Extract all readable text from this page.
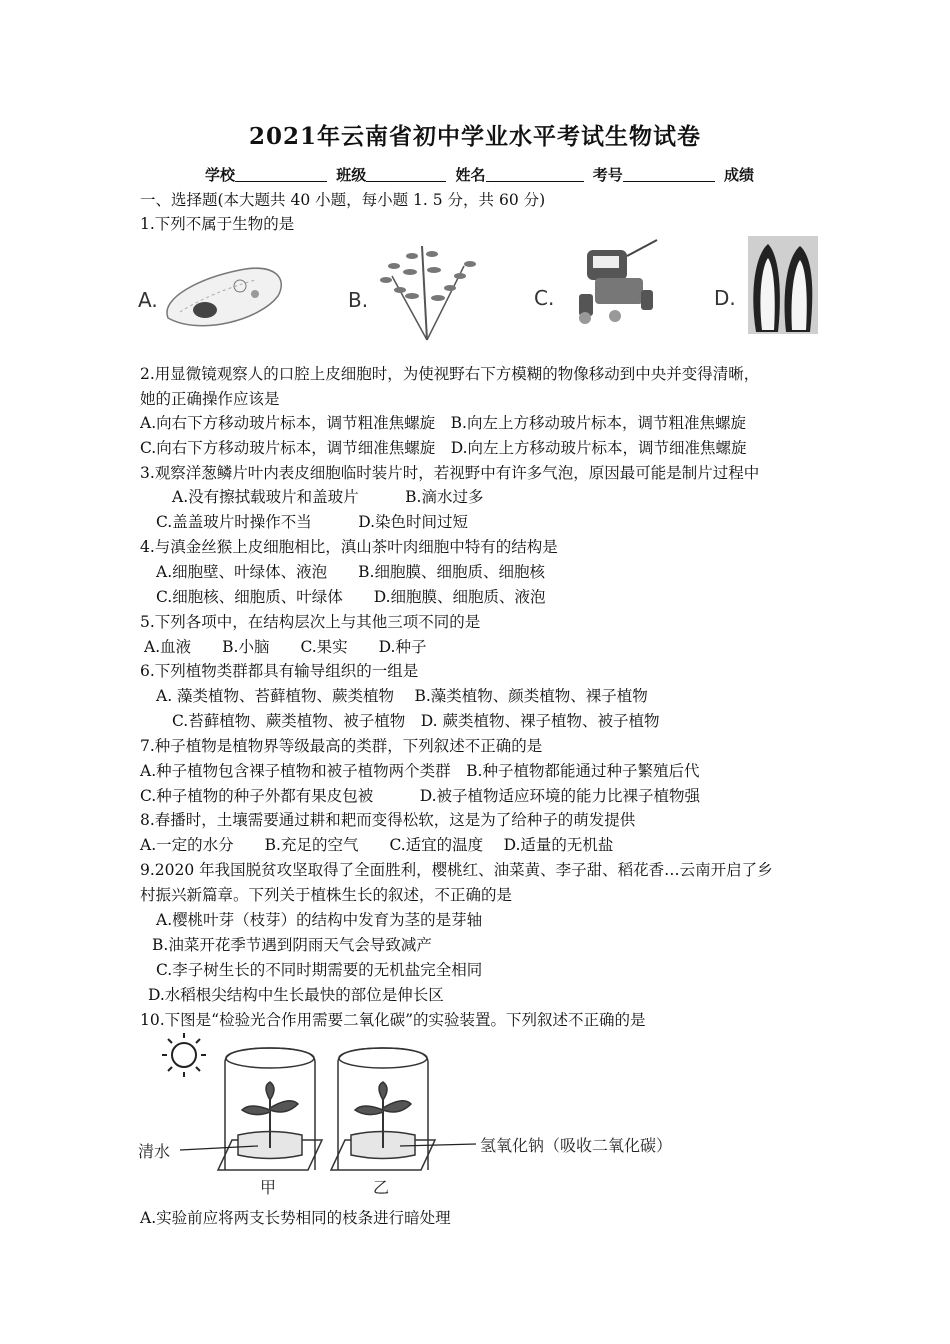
2021年云南省初中学业水平考试生物试卷
学校	班级	姓名	考号	成绩
一、选择题(本大题共 40 小题，每小题 1. 5 分，共 60 分)
1.下列不属于生物的是
A.	B.	C.	D.
2.用显微镜观察人的口腔上皮细胞时，为使视野右下方模糊的物像移动到中央并变得清晰，
她的正确操作应该是
A.向右下方移动玻片标本，调节粗准焦螺旋　B.向左上方移动玻片标本，调节粗准焦螺旋
C.向右下方移动玻片标本，调节细准焦螺旋　D.向左上方移动玻片标本，调节细准焦螺旋
3.观察洋葱鳞片叶内表皮细胞临时装片时，若视野中有许多气泡，原因最可能是制片过程中
A.没有擦拭载玻片和盖玻片　　　B.滴水过多
C.盖盖玻片时操作不当　　　D.染色时间过短
4.与滇金丝猴上皮细胞相比，滇山茶叶肉细胞中特有的结构是
A.细胞壁、叶绿体、液泡　　B.细胞膜、细胞质、细胞核
C.细胞核、细胞质、叶绿体　　D.细胞膜、细胞质、液泡
5.下列各项中，在结构层次上与其他三项不同的是
A.血液　　B.小脑　　C.果实　　D.种子
6.下列植物类群都具有输导组织的一组是
A. 藻类植物、苔藓植物、蕨类植物　 B.藻类植物、颜类植物、裸子植物
C.苔藓植物、蕨类植物、被子植物　D. 蕨类植物、裸子植物、被子植物
7.种子植物是植物界等级最高的类群，下列叙述不正确的是
A.种子植物包含裸子植物和被子植物两个类群　B.种子植物都能通过种子繁殖后代
C.种子植物的种子外都有果皮包被　　　D.被子植物适应环境的能力比裸子植物强
8.春播时，土壤需要通过耕和耙而变得松软，这是为了给种子的萌发提供
A.一定的水分　　B.充足的空气　　C.适宜的温度　 D.适量的无机盐
9.2020 年我国脱贫攻坚取得了全面胜利，樱桃红、油菜黄、李子甜、稻花香…云南开启了乡
村振兴新篇章。下列关于植株生长的叙述，不正确的是
A.樱桃叶芽（枝芽）的结构中发育为茎的是芽轴
B.油菜开花季节遇到阴雨天气会导致减产
C.李子树生长的不同时期需要的无机盐完全相同
D.水稻根尖结构中生长最快的部位是伸长区
10.下图是“检验光合作用需要二氧化碳”的实验装置。下列叙述不正确的是
清水	氢氧化钠（吸收二氧化碳）
甲	乙
A.实验前应将两支长势相同的枝条进行暗处理
